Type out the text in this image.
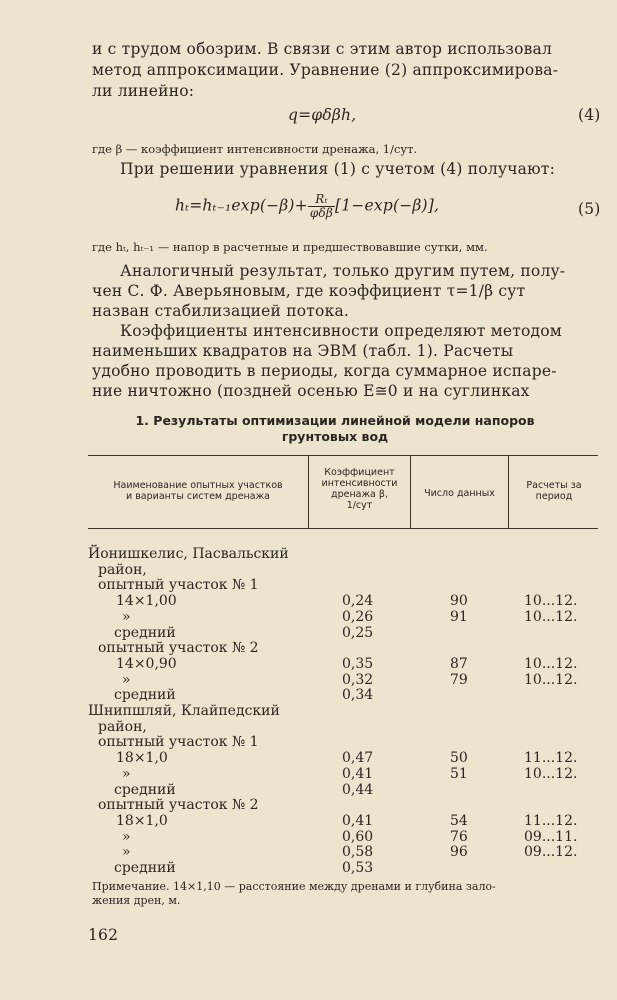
и с трудом обозрим. В связи с этим автор использовал
метод аппроксимации. Уравнение (2) аппроксимирова-
ли линейно:
q=φδβh,	(4)
где β — коэффициент интенсивности дренажа, 1/сут.
При решении уравнения (1) с учетом (4) получают:
$h_t=h_{t-1}\exp(-\beta)+ \frac{\text{Rₜ}}{\text{φδβ}} [1-\exp(-\beta)]$,	(5)
где hₜ, hₜ₋₁ — напор в расчетные и предшествовавшие сутки, мм.
Аналогичный результат, только другим путем, полу-
чен С. Ф. Аверьяновым, где коэффициент τ=1/β сут
назван стабилизацией потока.
Коэффициенты интенсивности определяют методом
наименьших квадратов на ЭВМ (табл. 1). Расчеты
удобно проводить в периоды, когда суммарное испаре-
ние ничтожно (поздней осенью E≅0 и на суглинках
1. Результаты оптимизации линейной модели напоров
грунтовых вод
Наименование опытных участков
и варианты систем дренажа
Коэффициент
интенсивности
дренажа β,
1/сут
Число данных
Расчеты за
период
Йонишкелис, Пасвальский
район,
опытный участок № 1
14×1,00	0,24	90	10...12.
»	0,26	91	10...12.
средний	0,25
опытный участок № 2
14×0,90	0,35	87	10...12.
»	0,32	79	10...12.
средний	0,34
Шнипшляй, Клайпедский
район,
опытный участок № 1
18×1,0	0,47	50	11...12.
»	0,41	51	10...12.
средний	0,44
опытный участок № 2
18×1,0	0,41	54	11...12.
»	0,60	76	09...11.
»	0,58	96	09...12.
средний	0,53
Примечание. 14×1,10 — расстояние между дренами и глубина зало-
жения дрен, м.
162
